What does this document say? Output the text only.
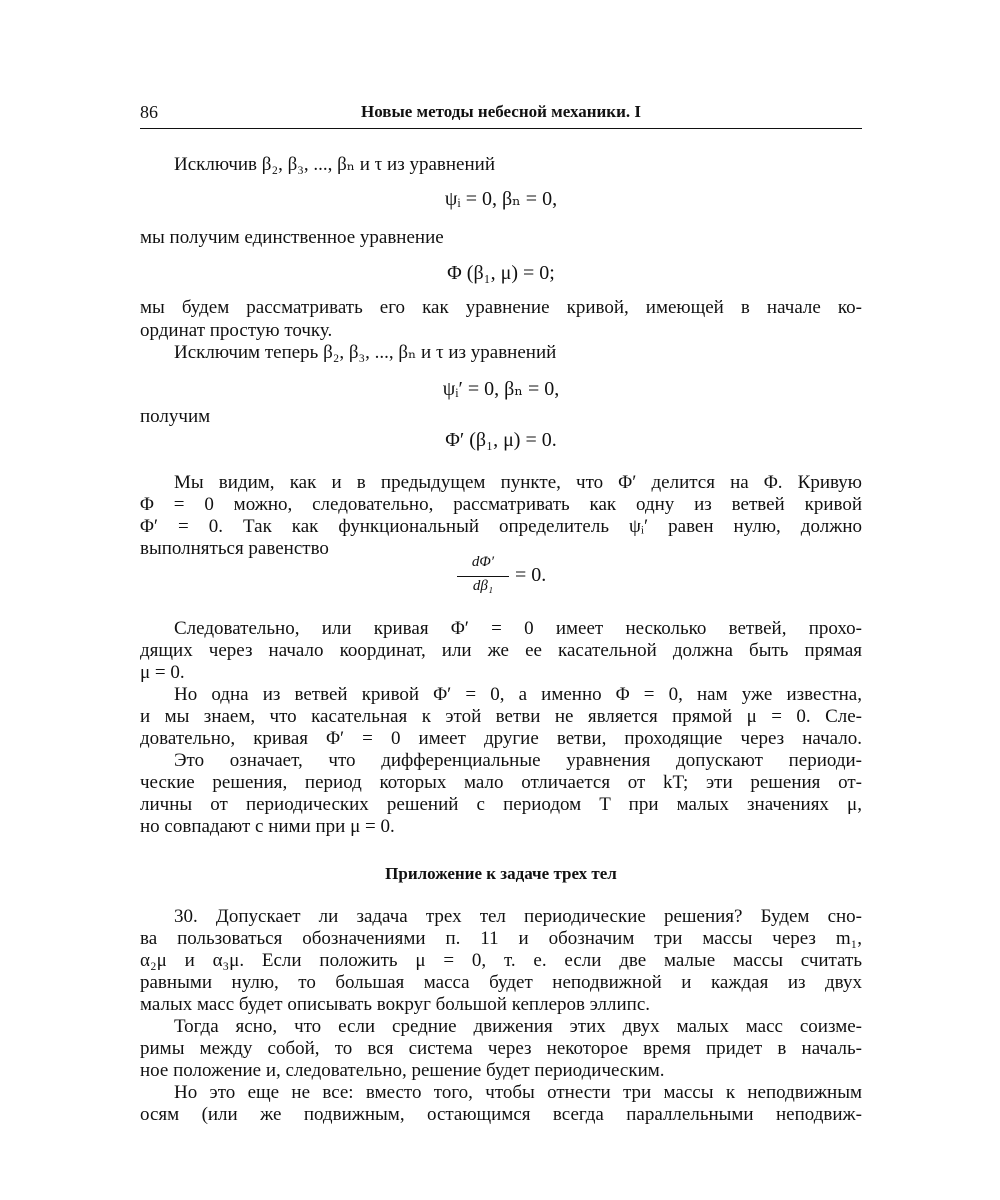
86	Новые методы небесной механики. I
Исключив β₂, β₃, ..., βₙ и τ из уравнений
ψᵢ = 0, βₙ = 0,
мы получим единственное уравнение
Φ (β₁, μ) = 0;
мы будем рассматривать его как уравнение кривой, имеющей в начале ко-
ординат простую точку.
Исключим теперь β₂, β₃, ..., βₙ и τ из уравнений
ψᵢ′ = 0, βₙ = 0,
получим
Φ′ (β₁, μ) = 0.
Мы видим, как и в предыдущем пункте, что Φ′ делится на Φ. Кривую
Φ = 0 можно, следовательно, рассматривать как одну из ветвей кривой
Φ′ = 0. Так как функциональный определитель ψᵢ′ равен нулю, должно
выполняться равенство
dΦ′
dβ₁	= 0.
Следовательно, или кривая Φ′ = 0 имеет несколько ветвей, прохо-
дящих через начало координат, или же ее касательной должна быть прямая
μ = 0.
Но одна из ветвей кривой Φ′ = 0, а именно Φ = 0, нам уже известна,
и мы знаем, что касательная к этой ветви не является прямой μ = 0. Сле-
довательно, кривая Φ′ = 0 имеет другие ветви, проходящие через начало.
Это означает, что дифференциальные уравнения допускают периоди-
ческие решения, период которых мало отличается от kT; эти решения от-
личны от периодических решений с периодом T при малых значениях μ,
но совпадают с ними при μ = 0.
Приложение к задаче трех тел
30. Допускает ли задача трех тел периодические решения? Будем сно-
ва пользоваться обозначениями п. 11 и обозначим три массы через m₁,
α₂μ и α₃μ. Если положить μ = 0, т. е. если две малые массы считать
равными нулю, то большая масса будет неподвижной и каждая из двух
малых масс будет описывать вокруг большой кеплеров эллипс.
Тогда ясно, что если средние движения этих двух малых масс соизме-
римы между собой, то вся система через некоторое время придет в началь-
ное положение и, следовательно, решение будет периодическим.
Но это еще не все: вместо того, чтобы отнести три массы к неподвижным
осям (или же подвижным, остающимся всегда параллельными неподвиж-
